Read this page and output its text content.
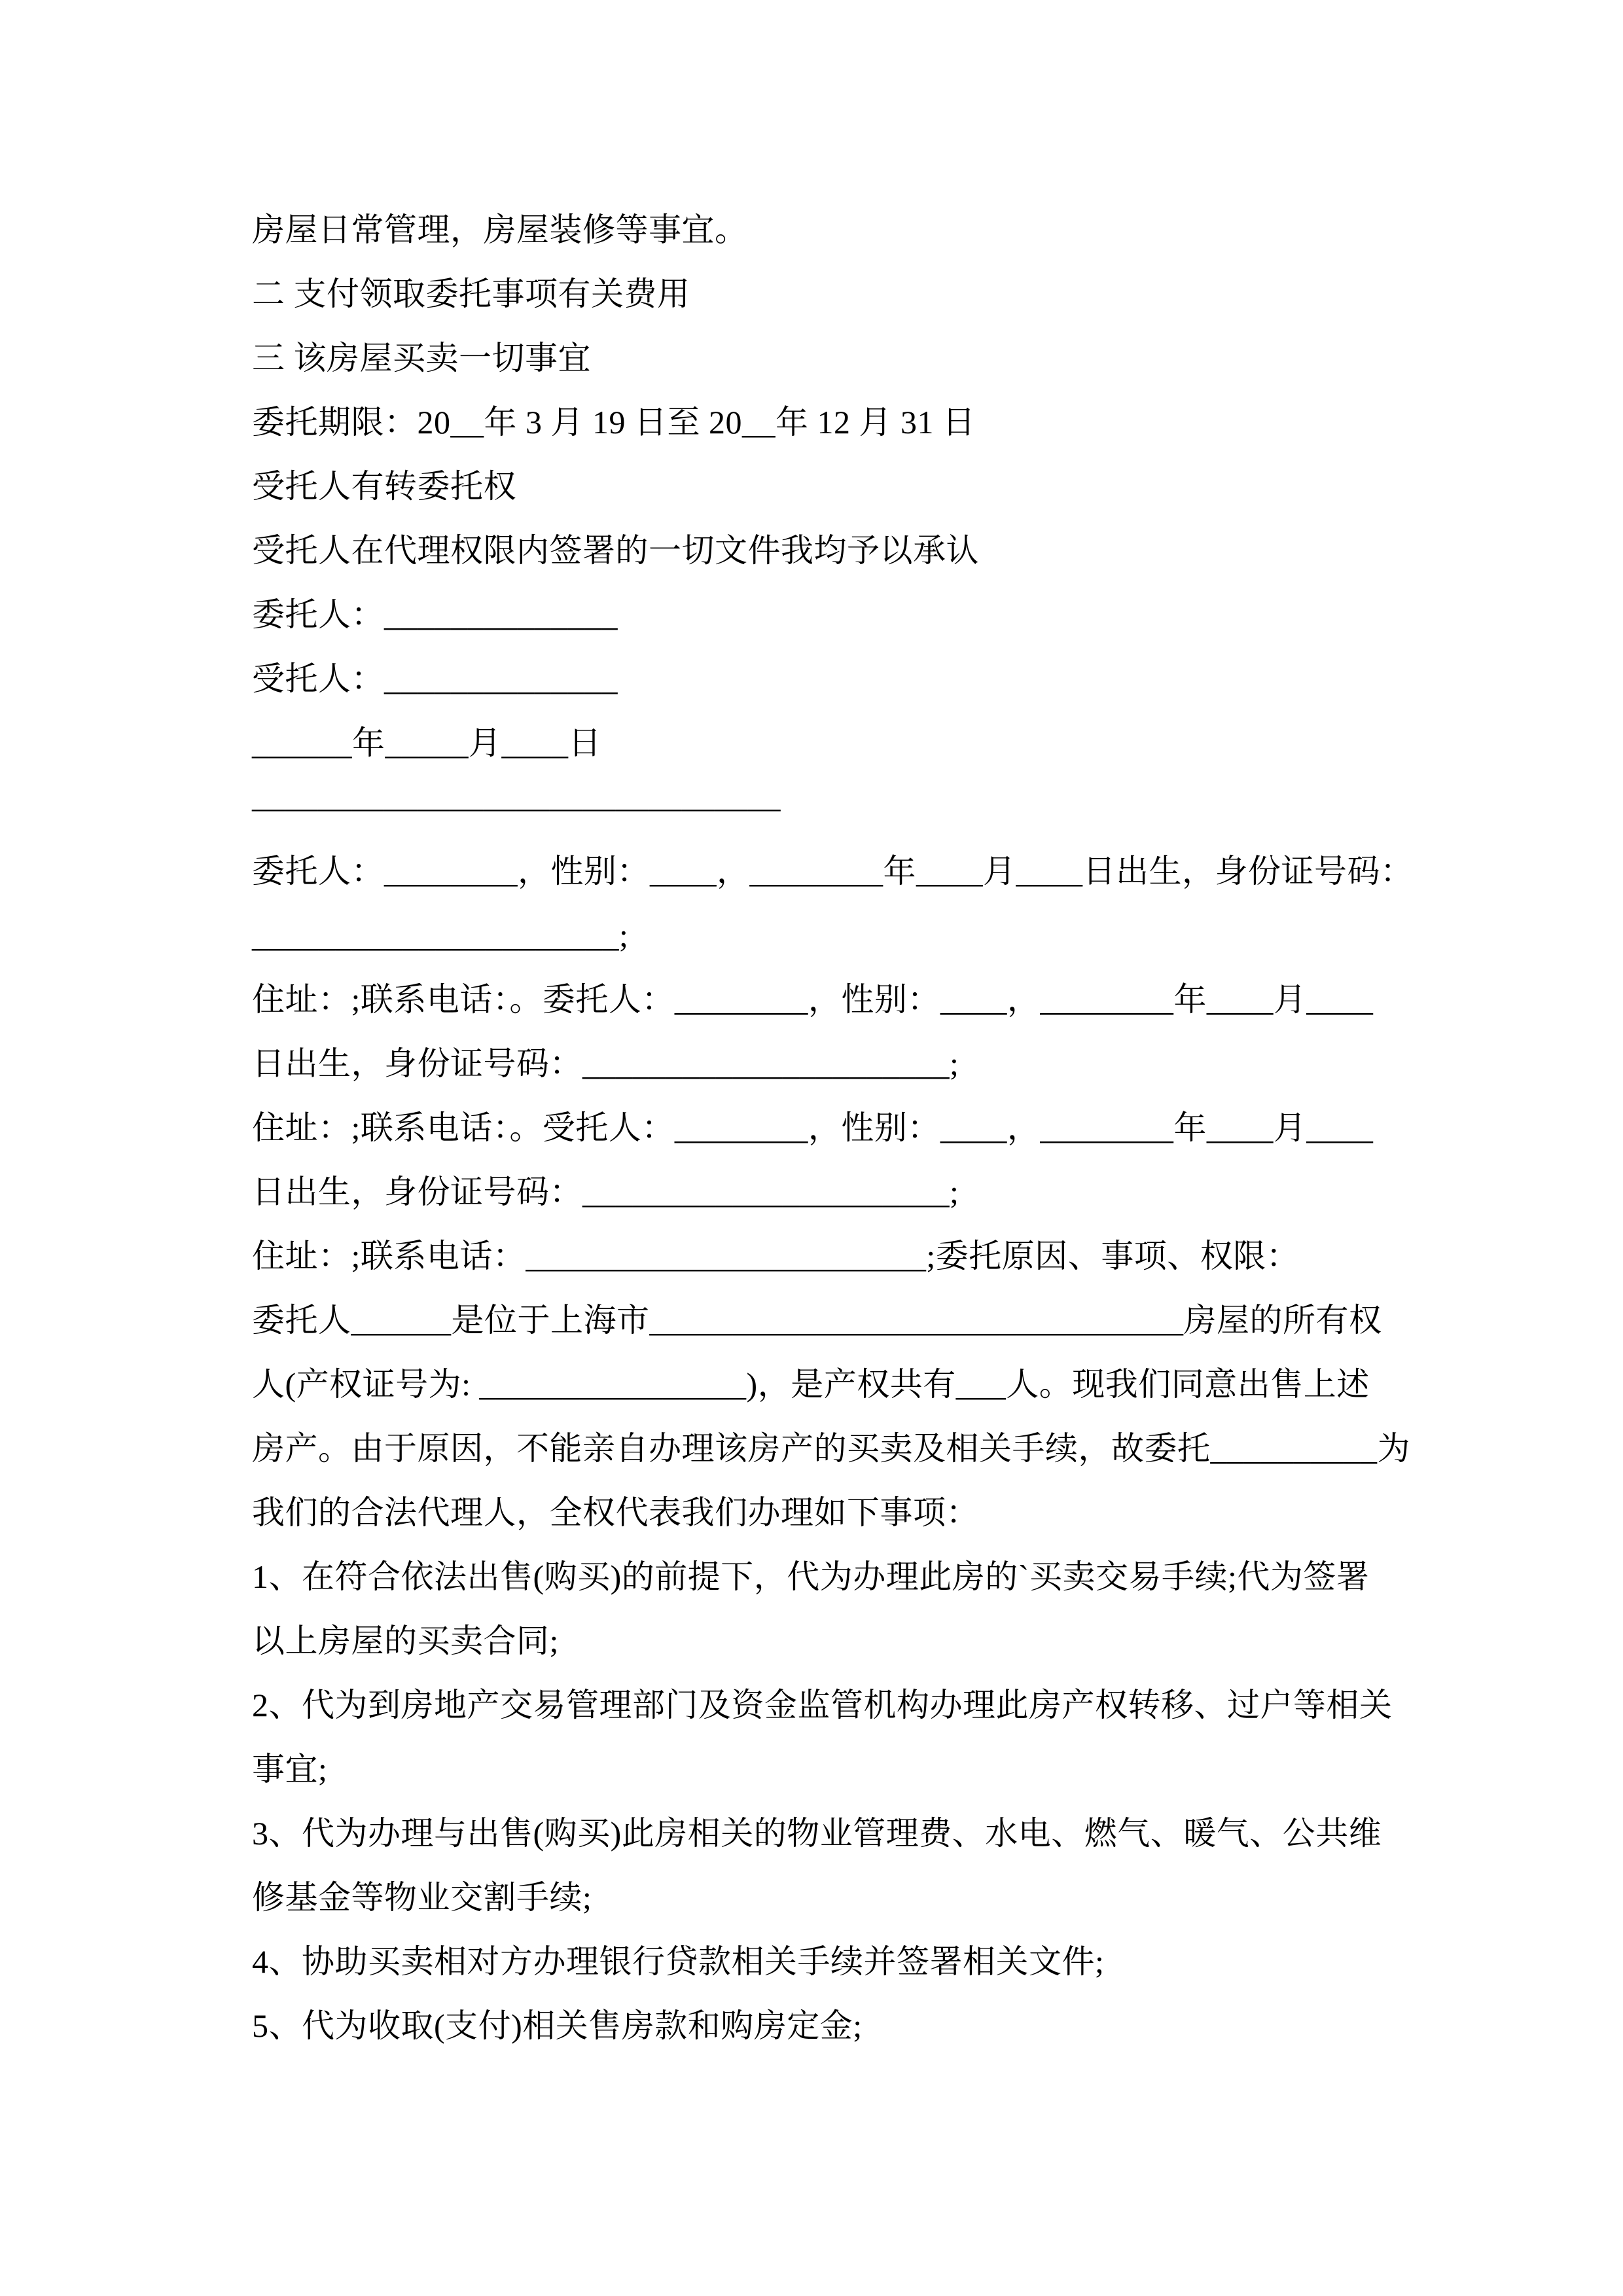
房屋日常管理，房屋装修等事宜。

二 支付领取委托事项有关费用

三 该房屋买卖一切事宜

委托期限：20__年 3 月 19 日至 20__年 12 月 31 日

受托人有转委托权

受托人在代理权限内签署的一切文件我均予以承认

委托人：______________

受托人：______________

______年_____月____日

————————————————

委托人：________，性别：____，________年____月____日出生，身份证号码：

______________________;

住址：;联系电话：。委托人：________，性别：____，________年____月____

日出生，身份证号码：______________________;

住址：;联系电话：。受托人：________，性别：____，________年____月____

日出生，身份证号码：______________________;

住址：;联系电话：________________________;委托原因、事项、权限：

委托人______是位于上海市________________________________房屋的所有权

人(产权证号为: ________________)，是产权共有___人。现我们同意出售上述

房产。由于原因，不能亲自办理该房产的买卖及相关手续，故委托__________为

我们的合法代理人，全权代表我们办理如下事项：

1、在符合依法出售(购买)的前提下，代为办理此房的`买卖交易手续;代为签署

以上房屋的买卖合同;

2、代为到房地产交易管理部门及资金监管机构办理此房产权转移、过户等相关

事宜;

3、代为办理与出售(购买)此房相关的物业管理费、水电、燃气、暖气、公共维

修基金等物业交割手续;

4、协助买卖相对方办理银行贷款相关手续并签署相关文件;

5、代为收取(支付)相关售房款和购房定金;
